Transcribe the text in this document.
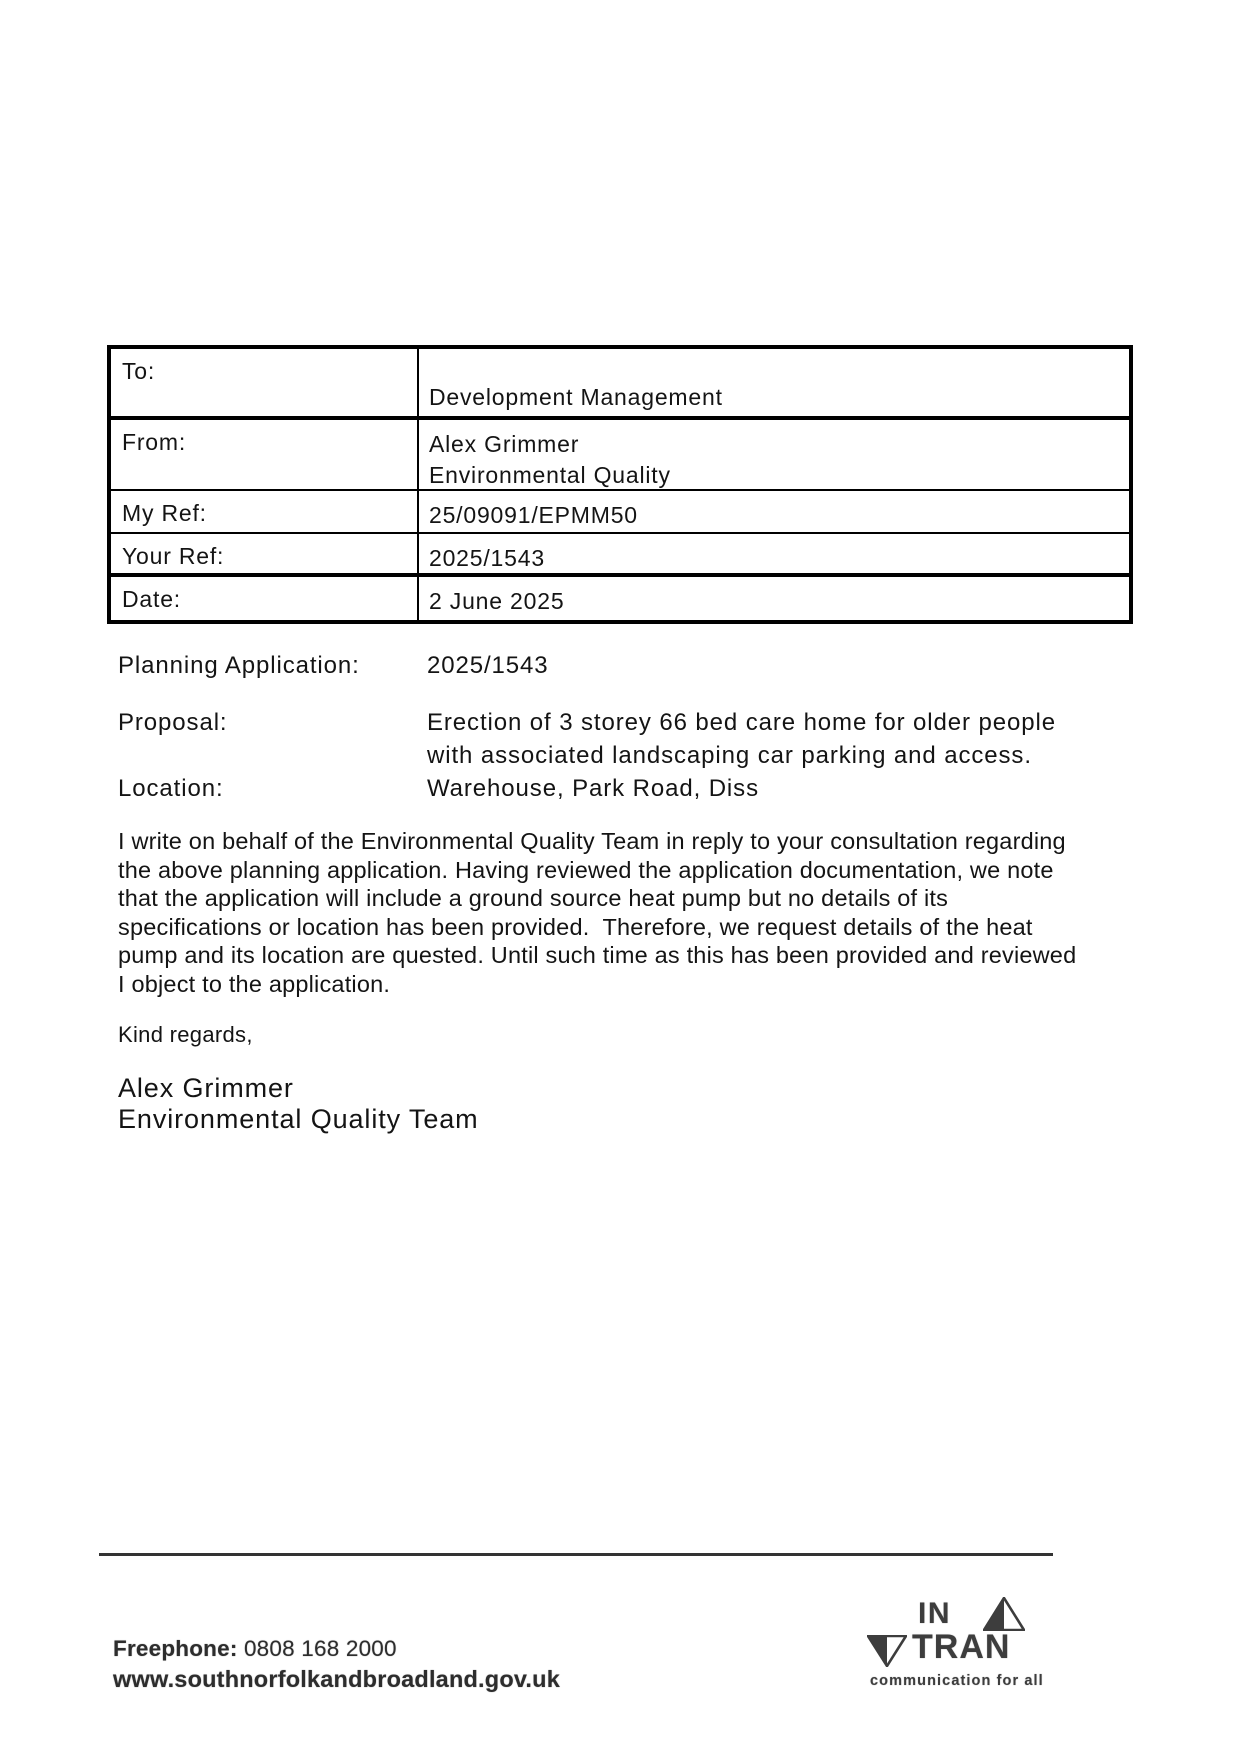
To:
Development Management
From:	Alex Grimmer
Environmental Quality
My Ref:	25/09091/EPMM50
Your Ref:	2025/1543
Date:	2 June 2025
Planning Application:	2025/1543
Proposal:	Erection of 3 storey 66 bed care home for older people
with associated landscaping car parking and access.
Location:	Warehouse, Park Road, Diss
I write on behalf of the Environmental Quality Team in reply to your consultation regarding
the above planning application. Having reviewed the application documentation, we note
that the application will include a ground source heat pump but no details of its
specifications or location has been provided.  Therefore, we request details of the heat
pump and its location are quested. Until such time as this has been provided and reviewed
I object to the application.
Kind regards,
Alex Grimmer
Environmental Quality Team
Freephone: 0808 168 2000
www.southnorfolkandbroadland.gov.uk
IN
TRAN
communication for all
